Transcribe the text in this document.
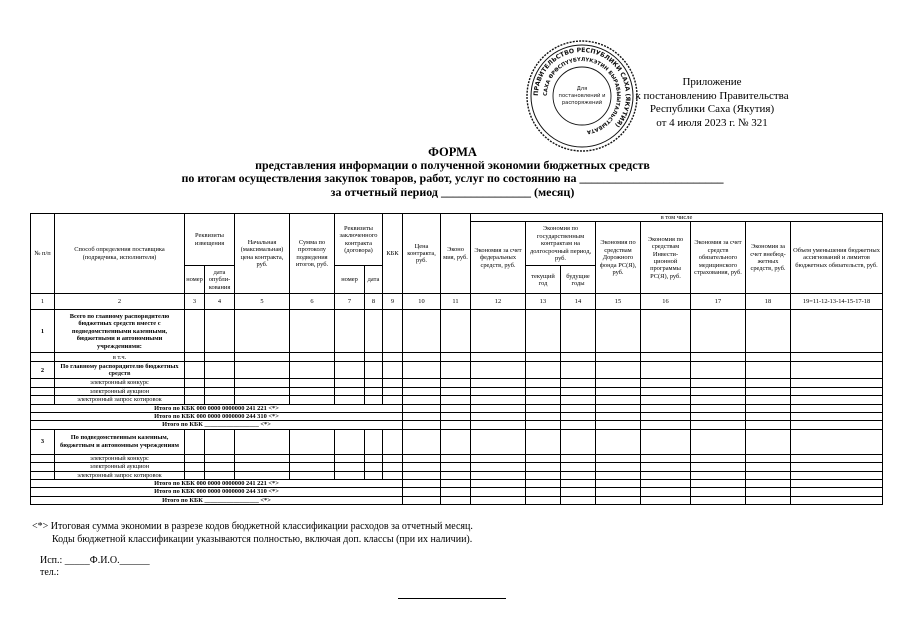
ПРАВИТЕЛЬСТВО РЕСПУБЛИКИ САХА (ЯКУТИЯ)
САХА ӨРӨСПҮҮБҮЛҮКЭТИН БЫРАБЫЫТАЛЬСТЫБАТА
Для
постановлений и
распоряжений
Приложение
к постановлению Правительства
Республики Саха (Якутия)
от 4 июля 2023 г. № 321
ФОРМА
представления информации о полученной экономии бюджетных средств
по итогам осуществления закупок товаров, работ, услуг по состоянию на ________________________
за отчетный период _______________ (месяц)
№ п/п	Способ определения поставщика (подрядчика, исполнителя)	Реквизиты извещения		Начальная (максимальная) цена контракта, руб.	Сумма по протоколу подведения итогов, руб.	Реквизиты заключенного контракта (договора)		КБК	Цена контракта, руб.	Эконо мия, руб.	в том числе							
											Экономия за счет федеральных средств, руб.	Экономия по государственным контрактам на долгосрочный период, руб.		Экономия по средствам Дорожного фонда РС(Я), руб.	Экономия по средствам Инвести-ционной программы РС(Я), руб.	Экономия за счет средств обязательного медицинского страхования, руб.	Экономия за счет внебюд-жетных средств, руб.	Объем уменьшения бюджетных ассигнований и лимитов бюджетных обязательств, руб.
		номер	дата опубли-кования			номер	дата					текущий год	будущие годы					
1	2	3	4	5	6	7	8	9	10	11	12	13	14	15	16	17	18	19=11-12-13-14-15-17-18
1	Всего по главному распорядителю бюджетных средств вместе с подведомственными казенными, бюджетными и автономными учреждениями:																	
	в т.ч.																	
2	По главному распорядителю бюджетных средств																	
	электронный конкурс																	
	электронный аукцион																	
	электронный запрос котировок																	
Итого по КБК 000 0000 0000000 241 221 <*>																		
Итого по КБК 000 0000 0000000 244 310 <*>																		
Итого по КБК _________________ <*>																		
3	По подведомственным казенным, бюджетным и автономным учреждениям																	
	электронный конкурс																	
	электронный аукцион																	
	электронный запрос котировок																	
Итого по КБК 000 0000 0000000 241 221 <*>																		
Итого по КБК 000 0000 0000000 244 310 <*>																		
Итого по КБК _________________ <*>																		
<*> Итоговая сумма экономии в разрезе кодов бюджетной классификации расходов за отчетный месяц.
Коды бюджетной классификации указываются полностью, включая доп. классы (при их наличии).
Исп.: _____Ф.И.О.______
тел.:
